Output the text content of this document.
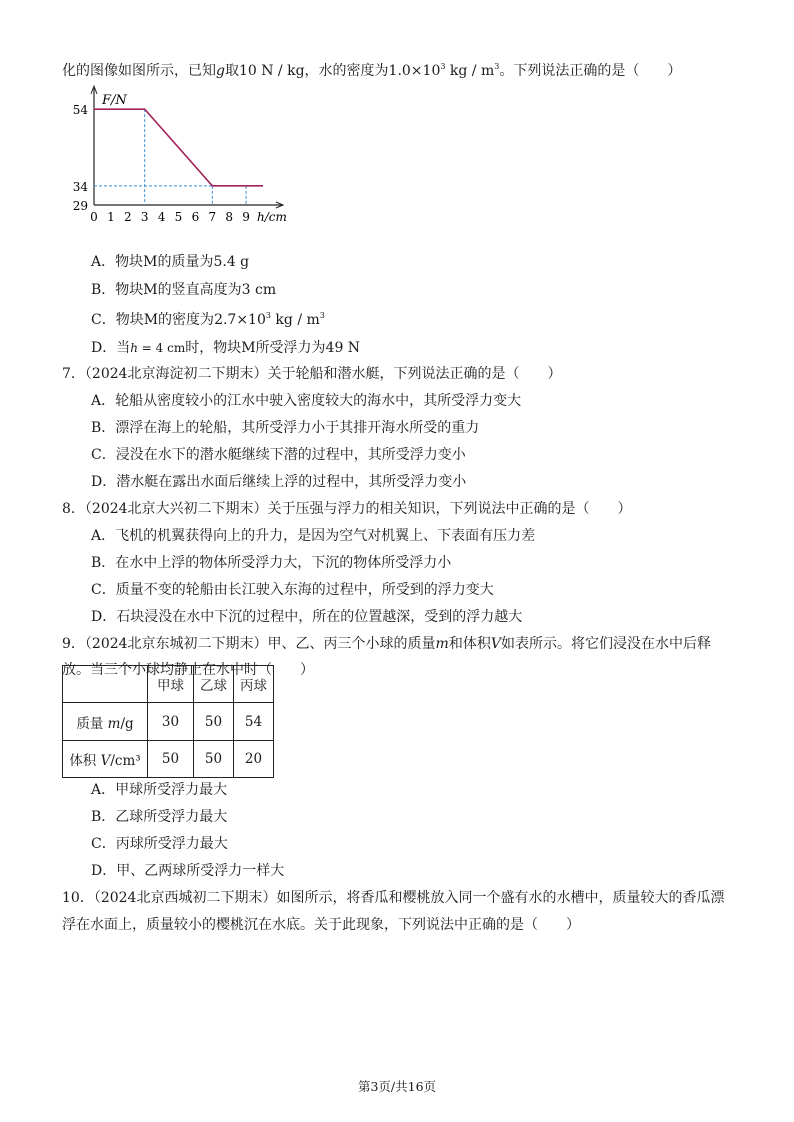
化的图像如图所示，已知g取10 N / kg，水的密度为$1.0\times 10^3$ kg / $m^3$。下列说法正确的是（　　）
F/N
h/cm
0 1 2 3 4 5 6 7 8 9
54
34
29
A．物块M的质量为5.4 g
B．物块M的竖直高度为3 cm
C．物块M的密度为$2.7\times 10^3$ kg / $m^3$
D．当h = 4 cm时，物块M所受浮力为49 N
7．（2024北京海淀初二下期末）关于轮船和潜水艇，下列说法正确的是（　　）
A．轮船从密度较小的江水中驶入密度较大的海水中，其所受浮力变大
B．漂浮在海上的轮船，其所受浮力小于其排开海水所受的重力
C．浸没在水下的潜水艇继续下潜的过程中，其所受浮力变小
D．潜水艇在露出水面后继续上浮的过程中，其所受浮力变小
8．（2024北京大兴初二下期末）关于压强与浮力的相关知识，下列说法中正确的是（　　）
A．飞机的机翼获得向上的升力，是因为空气对机翼上、下表面有压力差
B．在水中上浮的物体所受浮力大，下沉的物体所受浮力小
C．质量不变的轮船由长江驶入东海的过程中，所受到的浮力变大
D．石块浸没在水中下沉的过程中，所在的位置越深，受到的浮力越大
9．（2024北京东城初二下期末）甲、乙、丙三个小球的质量m和体积V如表所示。将它们浸没在水中后释
放。当三个小球均静止在水中时（　　）
	甲球	乙球	丙球
质量 m/g	30	50	54
体积 V/cm³	50	50	20
A．甲球所受浮力最大
B．乙球所受浮力最大
C．丙球所受浮力最大
D．甲、乙两球所受浮力一样大
10．（2024北京西城初二下期末）如图所示，将香瓜和樱桃放入同一个盛有水的水槽中，质量较大的香瓜漂
浮在水面上，质量较小的樱桃沉在水底。关于此现象，下列说法中正确的是（　　）
第3页/共16页
